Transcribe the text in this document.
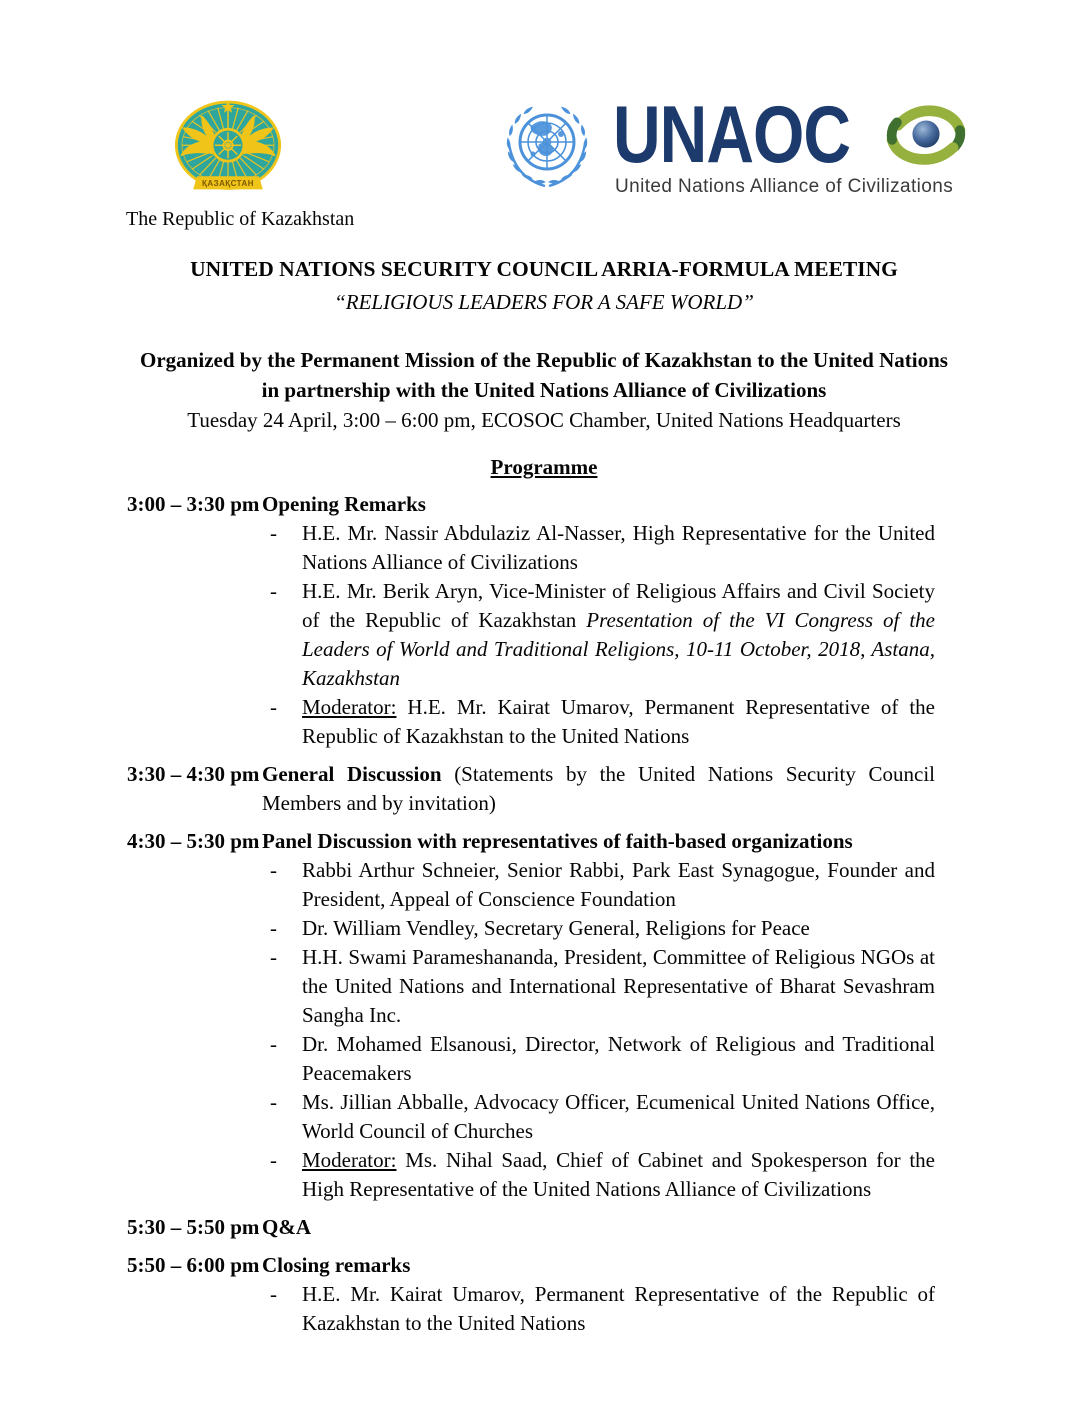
ҚАЗАҚСТАН
The Republic of Kazakhstan
UNAOC
United Nations Alliance of Civilizations
UNITED NATIONS SECURITY COUNCIL ARRIA-FORMULA MEETING
“RELIGIOUS LEADERS FOR A SAFE WORLD”
Organized by the Permanent Mission of the Republic of Kazakhstan to the United Nations
in partnership with the United Nations Alliance of Civilizations
Tuesday 24 April, 3:00 – 6:00 pm, ECOSOC Chamber, United Nations Headquarters
Programme
3:00 – 3:30 pm Opening Remarks
-	H.E. Mr. Nassir Abdulaziz Al-Nasser, High Representative for the United Nations Alliance of Civilizations
-	H.E. Mr. Berik Aryn, Vice-Minister of Religious Affairs and Civil Society of the Republic of Kazakhstan Presentation of the VI Congress of the Leaders of World and Traditional Religions, 10-11 October, 2018, Astana, Kazakhstan
-	Moderator: H.E. Mr. Kairat Umarov, Permanent Representative of the Republic of Kazakhstan to the United Nations
3:30 – 4:30 pm General Discussion (Statements by the United Nations Security Council Members and by invitation)
4:30 – 5:30 pm Panel Discussion with representatives of faith-based organizations
-	Rabbi Arthur Schneier, Senior Rabbi, Park East Synagogue, Founder and President, Appeal of Conscience Foundation
-	Dr. William Vendley, Secretary General, Religions for Peace
-	H.H. Swami Parameshananda, President, Committee of Religious NGOs at the United Nations and International Representative of Bharat Sevashram Sangha Inc.
-	Dr. Mohamed Elsanousi, Director, Network of Religious and Traditional Peacemakers
-	Ms. Jillian Abballe, Advocacy Officer, Ecumenical United Nations Office, World Council of Churches
-	Moderator: Ms. Nihal Saad, Chief of Cabinet and Spokesperson for the High Representative of the United Nations Alliance of Civilizations
5:30 – 5:50 pm Q&A
5:50 – 6:00 pm Closing remarks
-	H.E. Mr. Kairat Umarov, Permanent Representative of the Republic of Kazakhstan to the United Nations
